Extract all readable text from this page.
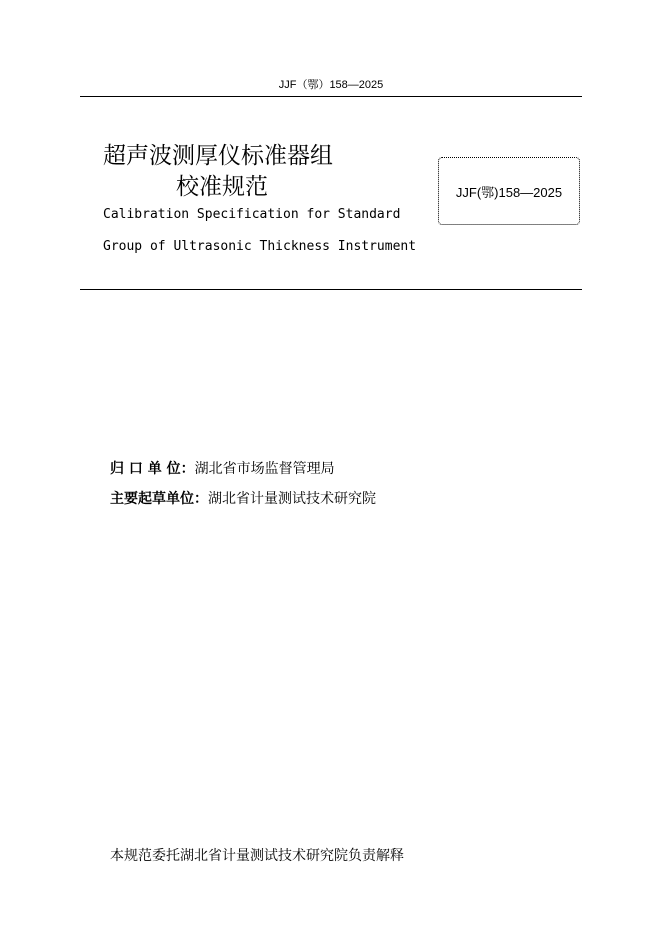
JJF（鄂）158—2025
超声波测厚仪标准器组
校准规范
Calibration Specification for Standard
Group of Ultrasonic Thickness Instrument
JJF(鄂)158—2025
归 口 单 位： 湖北省市场监督管理局
主要起草单位： 湖北省计量测试技术研究院
本规范委托湖北省计量测试技术研究院负责解释
